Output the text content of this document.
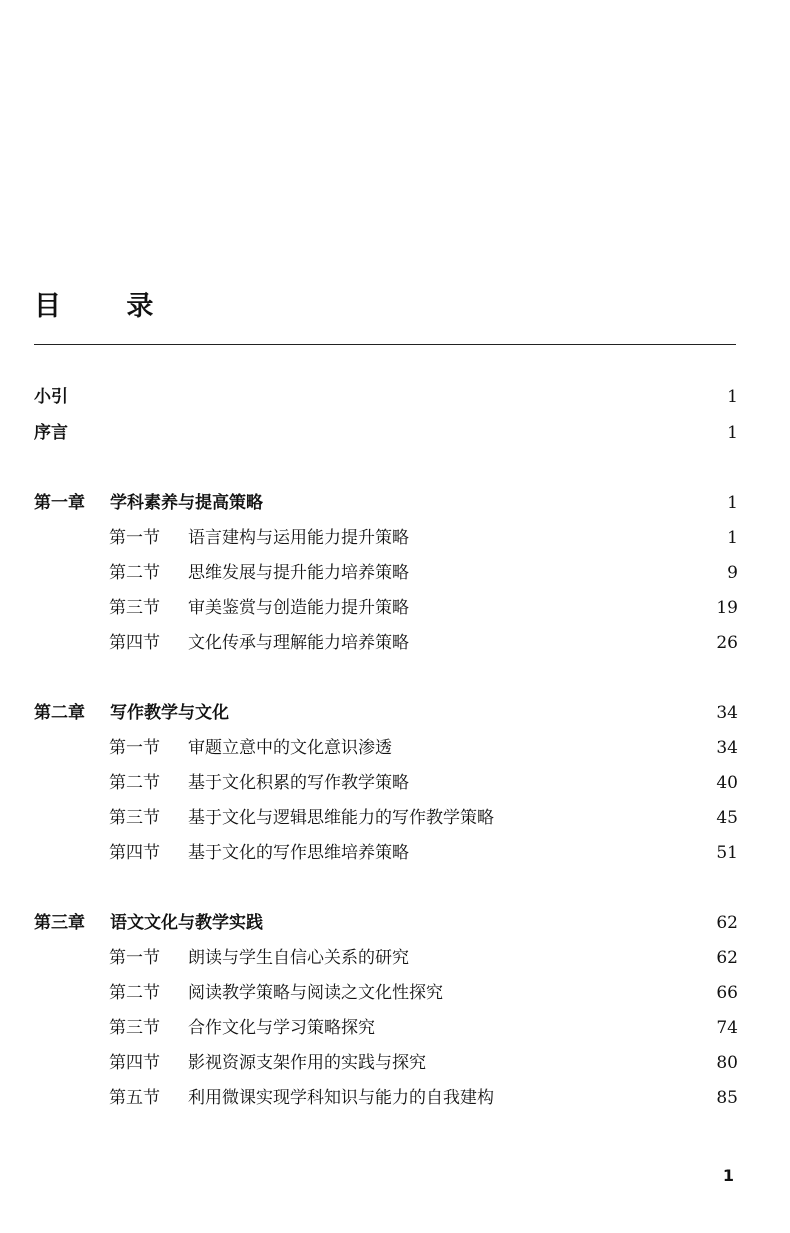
目 录
小引	1
序言	1
第一章 学科素养与提高策略	1
第一节 语言建构与运用能力提升策略	1
第二节 思维发展与提升能力培养策略	9
第三节 审美鉴赏与创造能力提升策略	19
第四节 文化传承与理解能力培养策略	26
第二章 写作教学与文化	34
第一节 审题立意中的文化意识渗透	34
第二节 基于文化积累的写作教学策略	40
第三节 基于文化与逻辑思维能力的写作教学策略	45
第四节 基于文化的写作思维培养策略	51
第三章 语文文化与教学实践	62
第一节 朗读与学生自信心关系的研究	62
第二节 阅读教学策略与阅读之文化性探究	66
第三节 合作文化与学习策略探究	74
第四节 影视资源支架作用的实践与探究	80
第五节 利用微课实现学科知识与能力的自我建构	85
1
